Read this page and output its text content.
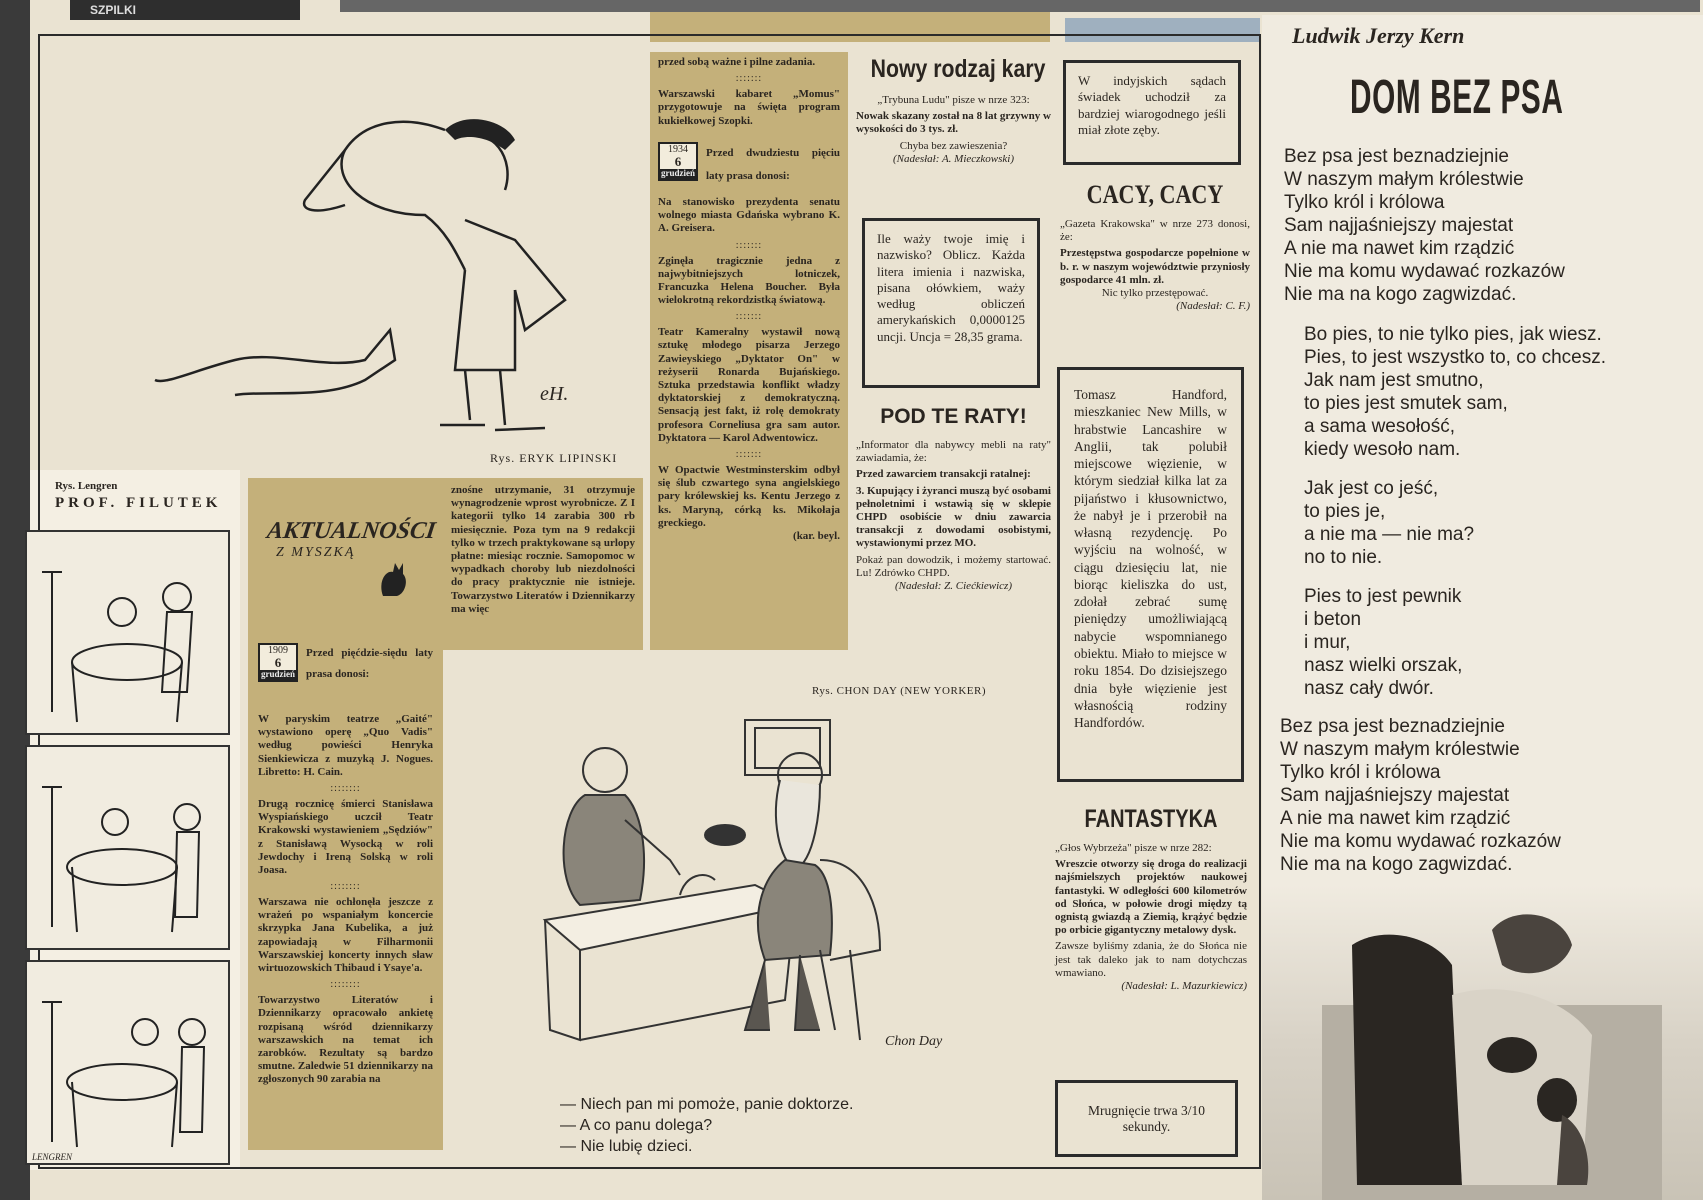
SZPILKI
Rys. ERYK LIPINSKI
eH.
Rys. Lengren
PROF. FILUTEK
LENGREN
AKTUALNOŚCI
Z MYSZKĄ
1909
6
grudzień
Przed pięćdzie-siędu laty prasa donosi:
W paryskim teatrze „Gaité" wystawiono operę „Quo Vadis" według powieści Henryka Sienkiewicza z muzyką J. Nogues. Libretto: H. Cain.
::::::::
Drugą rocznicę śmierci Stanisława Wyspiańskiego uczcił Teatr Krakowski wystawieniem „Sędziów" z Stanisławą Wysocką w roli Jewdochy i Ireną Solską w roli Joasa.
::::::::
Warszawa nie ochłonęła jeszcze z wrażeń po wspaniałym koncercie skrzypka Jana Kubelika, a już zapowiadają w Filharmonii Warszawskiej koncerty innych sław wirtuozowskich Thibaud i Ysaye'a.
::::::::
Towarzystwo Literatów i Dziennikarzy opracowało ankietę rozpisaną wśród dziennikarzy warszawskich na temat ich zarobków. Rezultaty są bardzo smutne. Zaledwie 51 dziennikarzy na zgłoszonych 90 zarabia na
znośne utrzymanie, 31 otrzymuje wynagrodzenie wprost wyrobnicze. Z I kategorii tylko 14 zarabia 300 rb miesięcznie. Poza tym na 9 redakcji tylko w trzech praktykowane są urlopy płatne: miesiąc rocznie. Samopomoc w wypadkach choroby lub niezdolności do pracy praktycznie nie istnieje. Towarzystwo Literatów i Dziennikarzy ma więc
przed sobą ważne i pilne zadania.
:::::::
Warszawski kabaret „Momus" przygotowuje na święta program kukiełkowej Szopki.
1934
6
grudzień
Przed dwudziestu pięciu laty prasa donosi:
Na stanowisko prezydenta senatu wolnego miasta Gdańska wybrano K. A. Greisera.
:::::::
Zginęła tragicznie jedna z najwybitniejszych lotniczek, Francuzka Helena Boucher. Była wielokrotną rekordzistką światową.
:::::::
Teatr Kameralny wystawił nową sztukę młodego pisarza Jerzego Zawieyskiego „Dyktator On" w reżyserii Ronarda Bujańskiego. Sztuka przedstawia konflikt władzy dyktatorskiej z demokratyczną. Sensacją jest fakt, iż rolę demokraty profesora Corneliusa gra sam autor. Dyktatora — Karol Adwentowicz.
:::::::
W Opactwie Westminsterskim odbył się ślub czwartego syna angielskiego pary królewskiej ks. Kentu Jerzego z ks. Maryną, córką ks. Mikołaja greckiego.
(kar. beyl.
Nowy rodzaj kary
„Trybuna Ludu" pisze w nrze 323:
Nowak skazany został na 8 lat grzywny w wysokości do 3 tys. zł.
Chyba bez zawieszenia?
(Nadesłał: A. Mieczkowski)
Ile waży twoje imię i nazwisko? Oblicz. Każda litera imienia i nazwiska, pisana ołówkiem, waży według obliczeń amerykańskich 0,0000125 uncji. Uncja = 28,35 grama.
POD TE RATY!
„Informator dla nabywcy mebli na raty" zawiadamia, że:
Przed zawarciem transakcji ratalnej:
3. Kupujący i żyranci muszą być osobami pełnoletnimi i wstawią się w sklepie CHPD osobiście w dniu zawarcia transakcji z dowodami osobistymi, wystawionymi przez MO.
Pokaż pan dowodzik, i możemy startować. Lu! Zdrówko CHPD.
(Nadesłał: Z. Ciećkiewicz)
W indyjskich sądach świadek uchodził za bardziej wiarogodnego jeśli miał złote zęby.
CACY, CACY
„Gazeta Krakowska" w nrze 273 donosi, że:
Przestępstwa gospodarcze popełnione w b. r. w naszym województwie przyniosły gospodarce 41 mln. zł.
Nic tylko przestępować.
(Nadesłał: C. F.)
Tomasz Handford, mieszkaniec New Mills, w hrabstwie Lancashire w Anglii, tak polubił miejscowe więzienie, w którym siedział kilka lat za pijaństwo i kłusownictwo, że nabył je i przerobił na własną rezydencję. Po wyjściu na wolność, w ciągu dziesięciu lat, nie biorąc kieliszka do ust, zdołał zebrać sumę pieniędzy umożliwiającą nabycie wspomnianego obiektu. Miało to miejsce w roku 1854. Do dzisiejszego dnia byłe więzienie jest własnością rodziny Handfordów.
FANTASTYKA
„Głos Wybrzeża" pisze w nrze 282:
Wreszcie otworzy się droga do realizacji najśmielszych projektów naukowej fantastyki. W odległości 600 kilometrów od Słońca, w połowie drogi między tą ognistą gwiazdą a Ziemią, krążyć będzie po orbicie gigantyczny metalowy dysk.
Zawsze byliśmy zdania, że do Słońca nie jest tak daleko jak to nam dotychczas wmawiano.
(Nadesłał: L. Mazurkiewicz)
Mrugnięcie trwa 3/10 sekundy.
Rys. CHON DAY (NEW YORKER)
Chon Day
— Niech pan mi pomoże, panie doktorze.
— A co panu dolega?
— Nie lubię dzieci.
Ludwik Jerzy Kern
DOM BEZ PSA
Bez psa jest beznadziejnie
W naszym małym królestwie
Tylko król i królowa
Sam najjaśniejszy majestat
A nie ma nawet kim rządzić
Nie ma komu wydawać rozkazów
Nie ma na kogo zagwizdać.
Bo pies, to nie tylko pies, jak wiesz.
Pies, to jest wszystko to, co chcesz.
Jak nam jest smutno,
to pies jest smutek sam,
a sama wesołość,
kiedy wesoło nam.
Jak jest co jeść,
to pies je,
a nie ma — nie ma?
no to nie.
Pies to jest pewnik
i beton
i mur,
nasz wielki orszak,
nasz cały dwór.
Bez psa jest beznadziejnie
W naszym małym królestwie
Tylko król i królowa
Sam najjaśniejszy majestat
A nie ma nawet kim rządzić
Nie ma komu wydawać rozkazów
Nie ma na kogo zagwizdać.
